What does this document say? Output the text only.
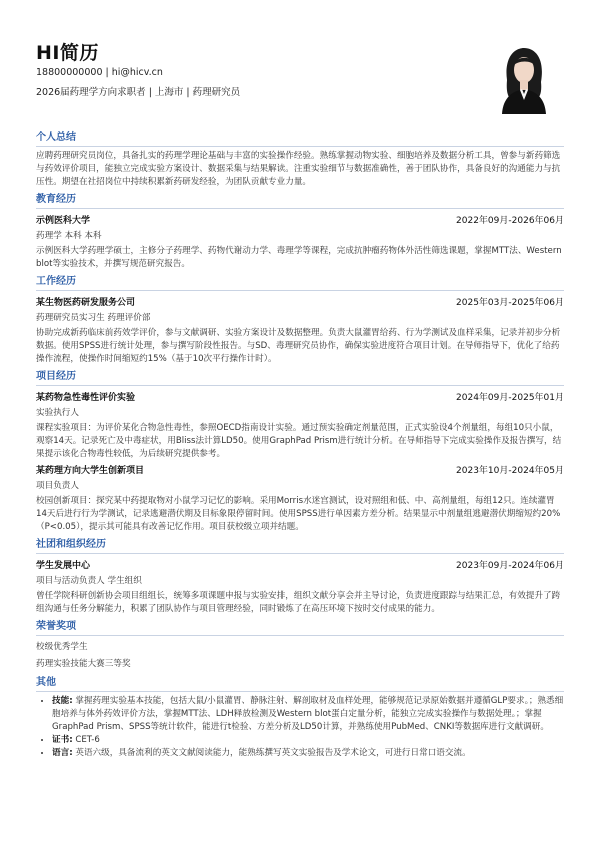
HI简历
18800000000 | hi@hicv.cn
2026届药理学方向求职者 | 上海市 | 药理研究员
个人总结
应聘药理研究员岗位，具备扎实的药理学理论基础与丰富的实验操作经验。熟练掌握动物实验、细胞培养及数据分析工具，曾参与新药筛选与药效评价项目，能独立完成实验方案设计、数据采集与结果解读。注重实验细节与数据准确性，善于团队协作，具备良好的沟通能力与抗压性。期望在社招岗位中持续积累新药研发经验，为团队贡献专业力量。
教育经历
示例医科大学	2022年09月-2026年06月
药理学 本科 本科
示例医科大学药理学硕士，主修分子药理学、药物代谢动力学、毒理学等课程，完成抗肿瘤药物体外活性筛选课题，掌握MTT法、Western blot等实验技术，并撰写规范研究报告。
工作经历
某生物医药研发服务公司	2025年03月-2025年06月
药理研究员实习生 药理评价部
协助完成新药临床前药效学评价，参与文献调研、实验方案设计及数据整理。负责大鼠灌胃给药、行为学测试及血样采集，记录并初步分析数据。使用SPSS进行统计处理，参与撰写阶段性报告。与SD、毒理研究员协作，确保实验进度符合项目计划。在导师指导下，优化了给药操作流程，使操作时间缩短约15%（基于10次平行操作计时）。
项目经历
某药物急性毒性评价实验	2024年09月-2025年01月
实验执行人
课程实验项目：为评价某化合物急性毒性，参照OECD指南设计实验。通过预实验确定剂量范围，正式实验设4个剂量组，每组10只小鼠，观察14天。记录死亡及中毒症状，用Bliss法计算LD50。使用GraphPad Prism进行统计分析。在导师指导下完成实验操作及报告撰写，结果提示该化合物毒性较低，为后续研究提供参考。
某药理方向大学生创新项目	2023年10月-2024年05月
项目负责人
校园创新项目：探究某中药提取物对小鼠学习记忆的影响。采用Morris水迷宫测试，设对照组和低、中、高剂量组，每组12只。连续灌胃14天后进行行为学测试，记录逃避潜伏期及目标象限停留时间。使用SPSS进行单因素方差分析。结果显示中剂量组逃避潜伏期缩短约20%（P<0.05），提示其可能具有改善记忆作用。项目获校级立项并结题。
社团和组织经历
学生发展中心	2023年09月-2024年06月
项目与活动负责人 学生组织
曾任学院科研创新协会项目组组长，统筹多项课题申报与实验安排，组织文献分享会并主导讨论，负责进度跟踪与结果汇总，有效提升了跨组沟通与任务分解能力，积累了团队协作与项目管理经验，同时锻炼了在高压环境下按时交付成果的能力。
荣誉奖项
校级优秀学生
药理实验技能大赛三等奖
其他
• 技能: 掌握药理实验基本技能，包括大鼠/小鼠灌胃、静脉注射、解剖取材及血样处理，能够规范记录原始数据并遵循GLP要求。；熟悉细胞培养与体外药效评价方法，掌握MTT法、LDH释放检测及Western blot蛋白定量分析，能独立完成实验操作与数据处理。；掌握GraphPad Prism、SPSS等统计软件，能进行t检验、方差分析及LD50计算，并熟练使用PubMed、CNKI等数据库进行文献调研。
• 证书: CET-6
• 语言: 英语六级，具备流利的英文文献阅读能力，能熟练撰写英文实验报告及学术论文，可进行日常口语交流。
